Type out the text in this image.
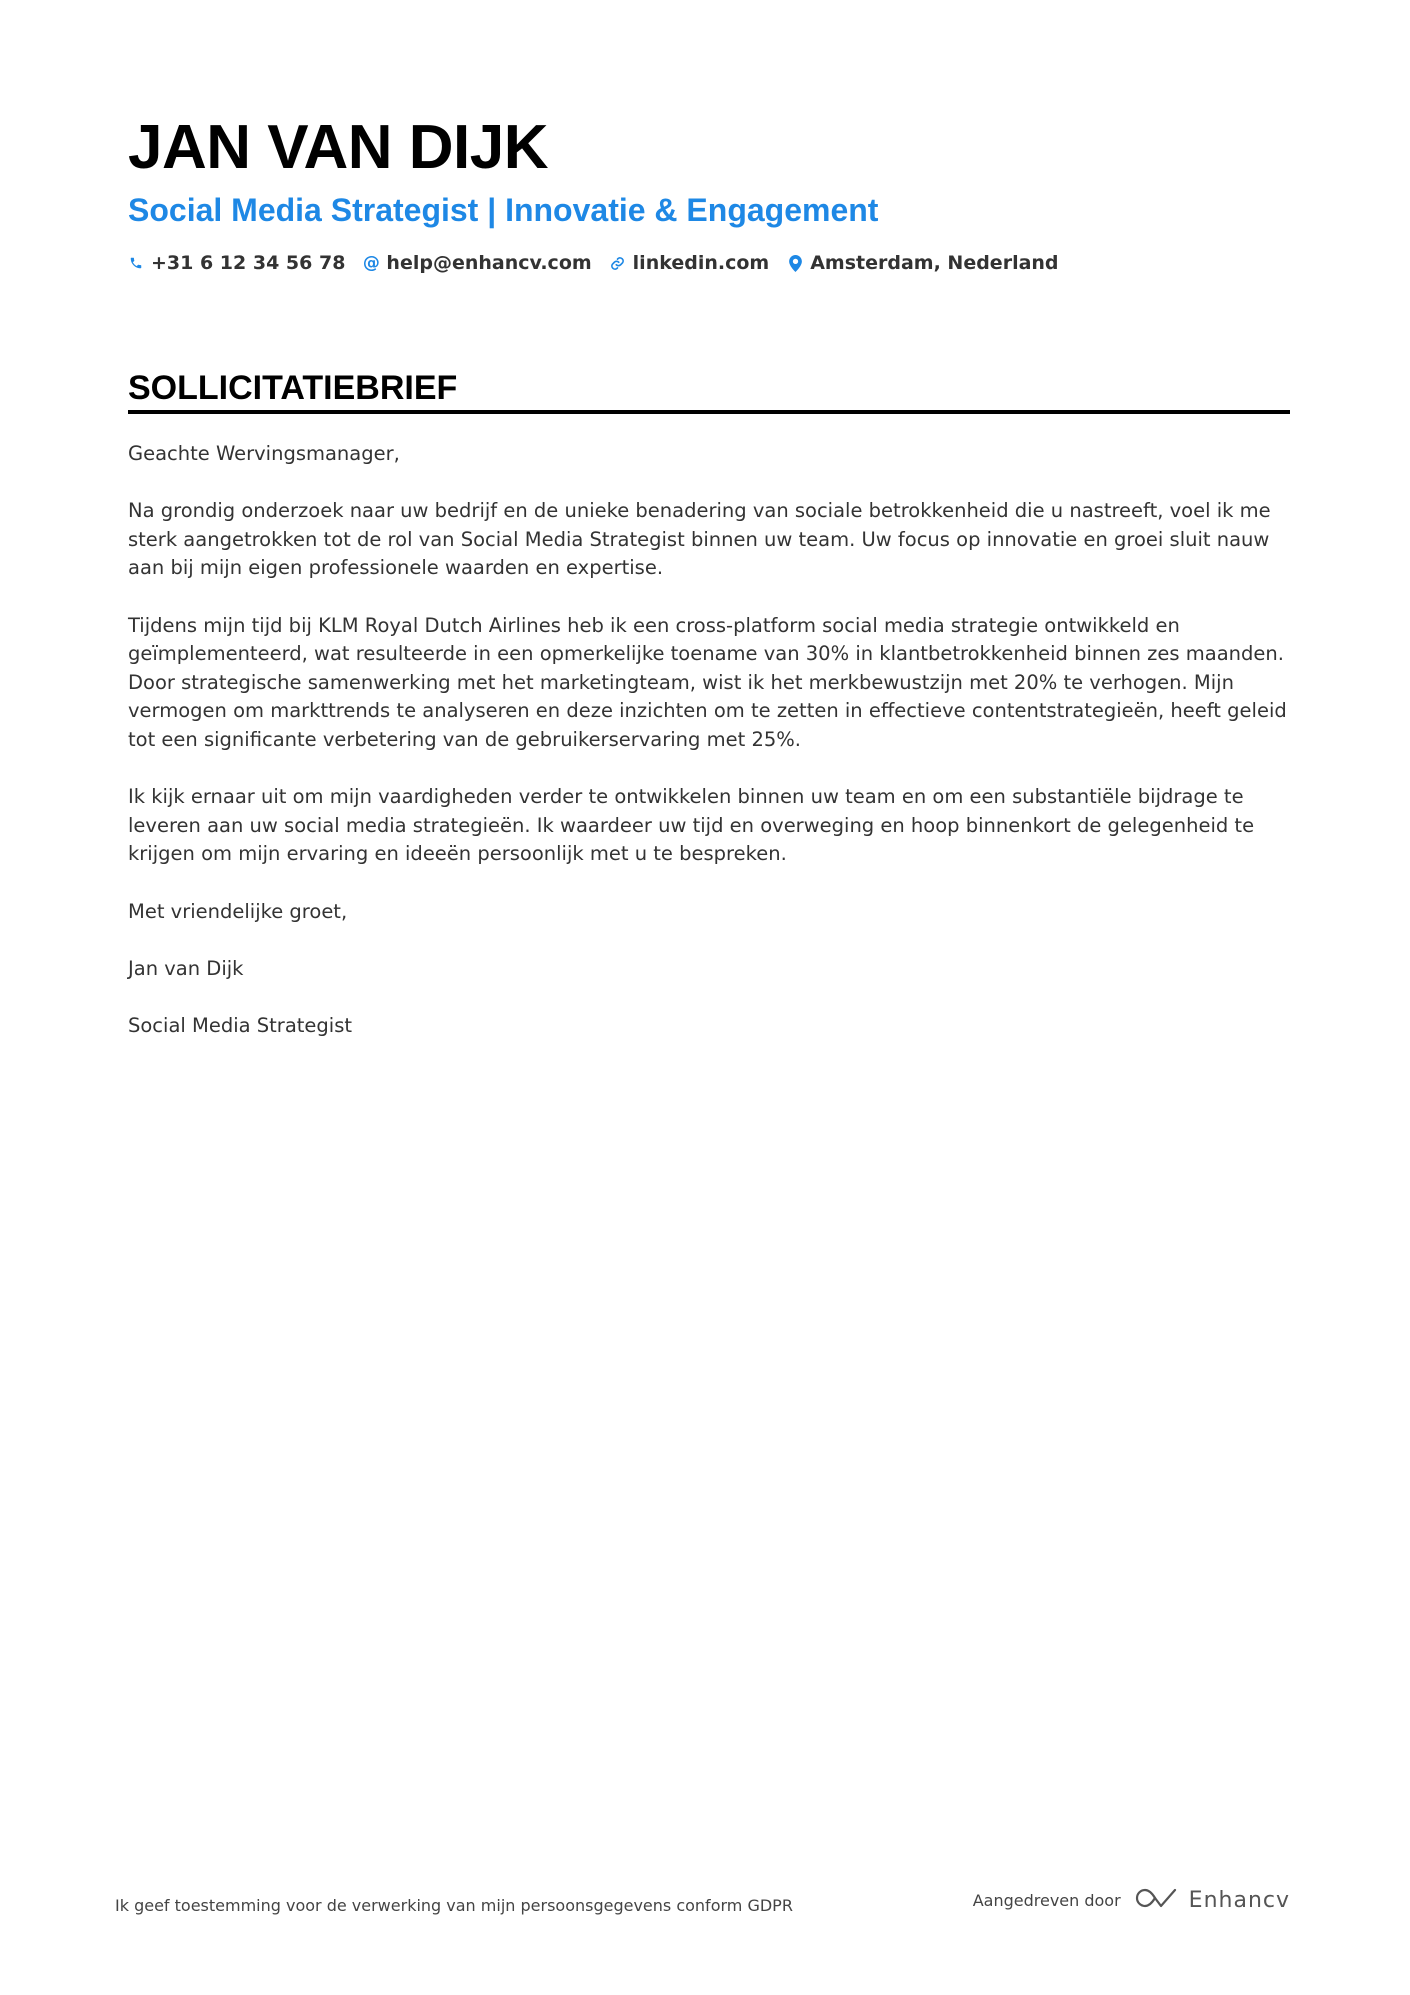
JAN VAN DIJK
Social Media Strategist | Innovatie & Engagement
+31 6 12 34 56 78 @ help@enhancv.com linkedin.com Amsterdam, Nederland
SOLLICITATIEBRIEF

Geachte Wervingsmanager,

Na grondig onderzoek naar uw bedrijf en de unieke benadering van sociale betrokkenheid die u nastreeft, voel ik me sterk aangetrokken tot de rol van Social Media Strategist binnen uw team. Uw focus op innovatie en groei sluit nauw aan bij mijn eigen professionele waarden en expertise.

Tijdens mijn tijd bij KLM Royal Dutch Airlines heb ik een cross-platform social media strategie ontwikkeld en geïmplementeerd, wat resulteerde in een opmerkelijke toename van 30% in klantbetrokkenheid binnen zes maanden. Door strategische samenwerking met het marketingteam, wist ik het merkbewustzijn met 20% te verhogen. Mijn vermogen om markttrends te analyseren en deze inzichten om te zetten in effectieve contentstrategieën, heeft geleid tot een significante verbetering van de gebruikerservaring met 25%.

Ik kijk ernaar uit om mijn vaardigheden verder te ontwikkelen binnen uw team en om een substantiële bijdrage te leveren aan uw social media strategieën. Ik waardeer uw tijd en overweging en hoop binnenkort de gelegenheid te krijgen om mijn ervaring en ideeën persoonlijk met u te bespreken.

Met vriendelijke groet,

Jan van Dijk

Social Media Strategist

Ik geef toestemming voor de verwerking van mijn persoonsgegevens conform GDPR	Aangedreven door	Enhancv
